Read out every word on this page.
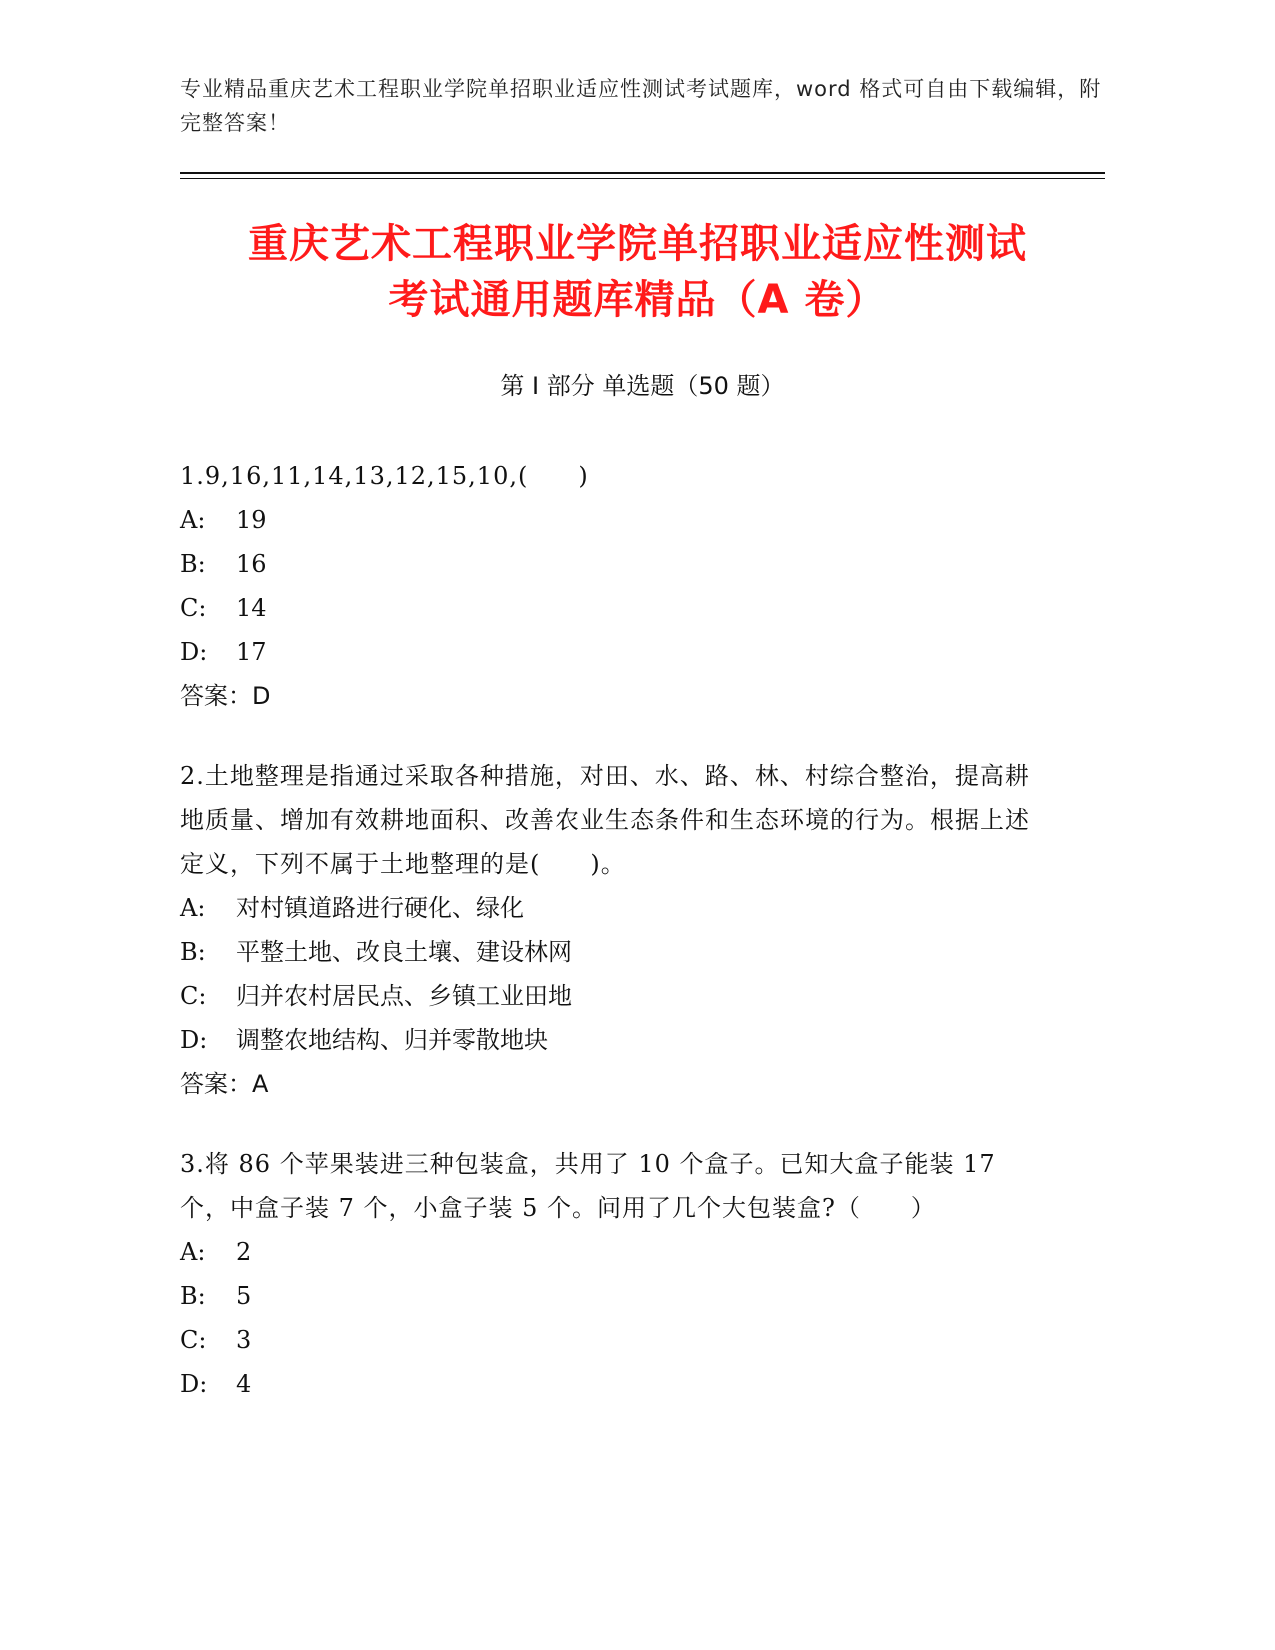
专业精品重庆艺术工程职业学院单招职业适应性测试考试题库，word 格式可自由下载编辑，附完整答案！
重庆艺术工程职业学院单招职业适应性测试
考试通用题库精品（A 卷）
第 I 部分 单选题（50 题）
1.9,16,11,14,13,12,15,10,(　　)
A:	19
B:	16
C:	14
D:	17
答案：D
2.土地整理是指通过采取各种措施，对田、水、路、林、村综合整治，提高耕地质量、增加有效耕地面积、改善农业生态条件和生态环境的行为。根据上述定义，下列不属于土地整理的是(　　)。
A:	对村镇道路进行硬化、绿化
B:	平整土地、改良土壤、建设林网
C:	归并农村居民点、乡镇工业田地
D:	调整农地结构、归并零散地块
答案：A
3.将 86 个苹果装进三种包装盒，共用了 10 个盒子。已知大盒子能装 17 个，中盒子装 7 个，小盒子装 5 个。问用了几个大包装盒?（　　）
A:	2
B:	5
C:	3
D:	4
